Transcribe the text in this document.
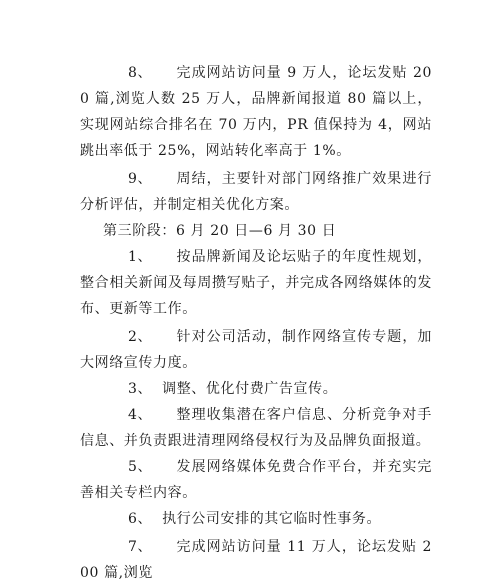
8、 完成网站访问量 9 万人，论坛发贴 200 篇,浏览人数 25 万人，品牌新闻报道 80 篇以上，实现网站综合排名在 70 万内，PR 值保持为 4，网站跳出率低于 25%，网站转化率高于 1%。
9、 周结，主要针对部门网络推广效果进行分析评估，并制定相关优化方案。
第三阶段：6 月 20 日—6 月 30 日
1、 按品牌新闻及论坛贴子的年度性规划，整合相关新闻及每周攒写贴子，并完成各网络媒体的发布、更新等工作。
2、 针对公司活动，制作网络宣传专题，加大网络宣传力度。
3、 调整、优化付费广告宣传。
4、 整理收集潜在客户信息、分析竞争对手信息、并负责跟进清理网络侵权行为及品牌负面报道。
5、 发展网络媒体免费合作平台，并充实完善相关专栏内容。
6、 执行公司安排的其它临时性事务。
7、 完成网站访问量 11 万人，论坛发贴 200 篇,浏览
